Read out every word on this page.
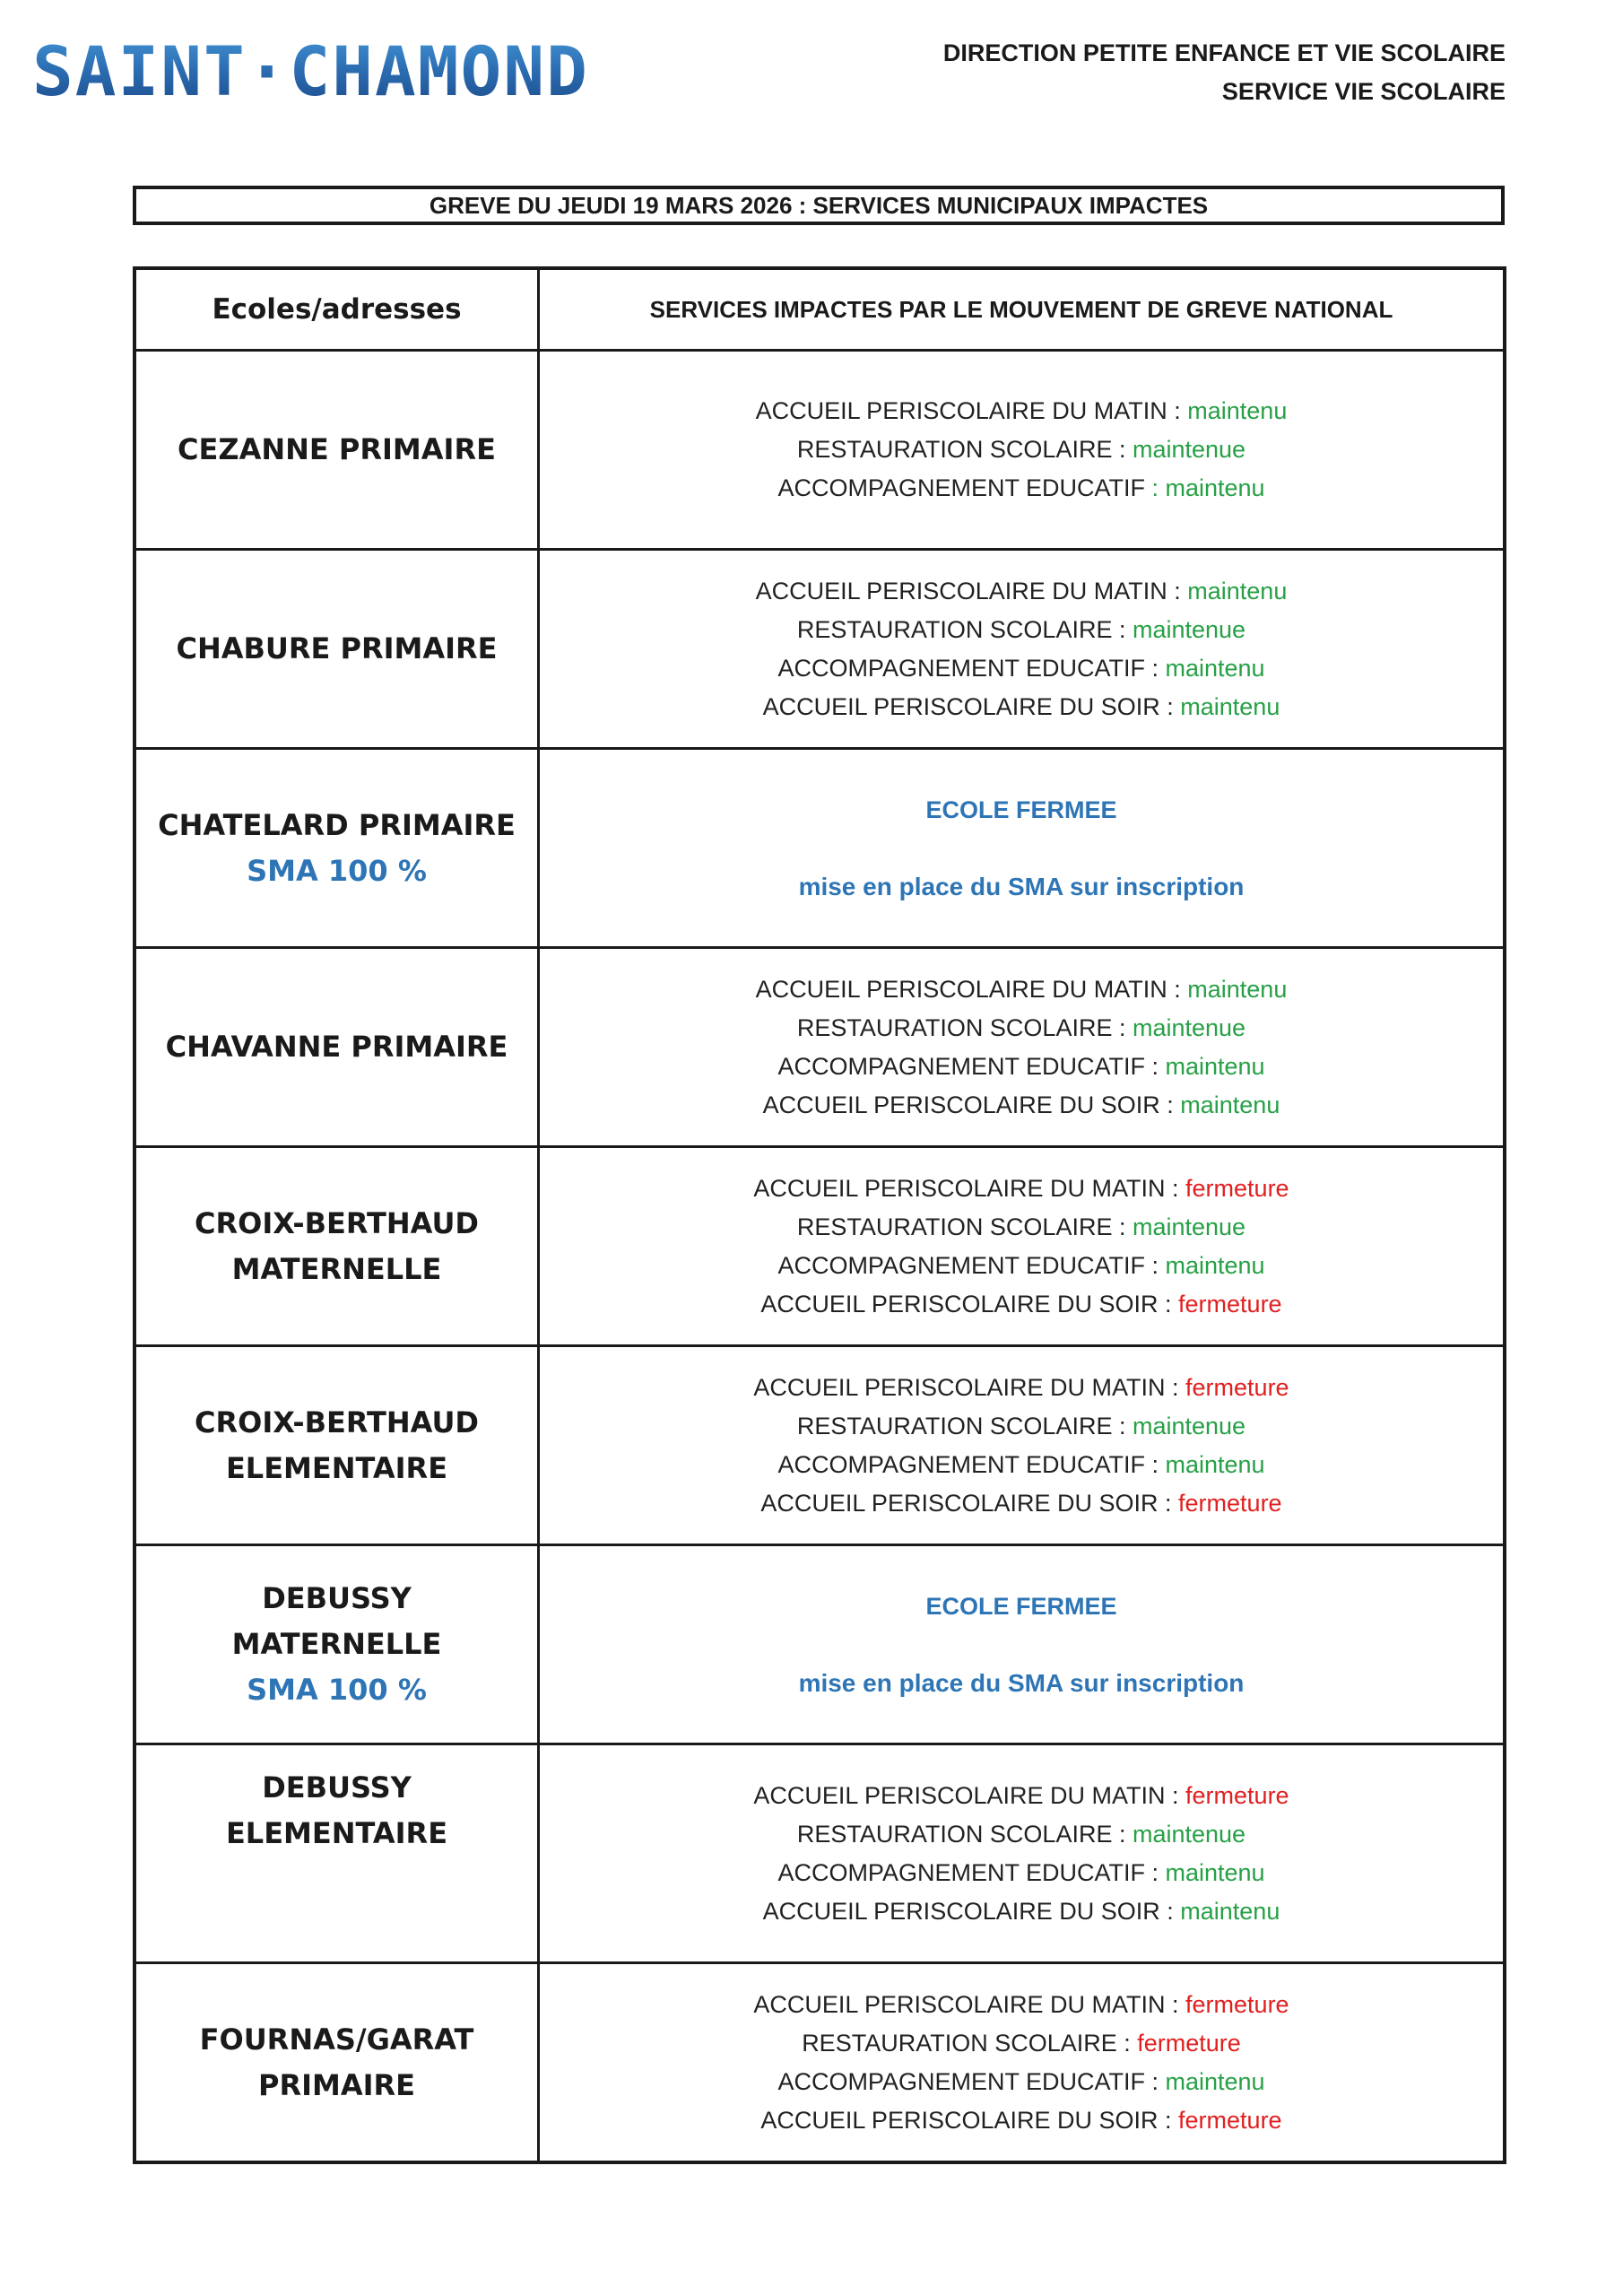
SAINT·CHAMOND	DIRECTION PETITE ENFANCE ET VIE SCOLAIRE
SERVICE VIE SCOLAIRE
GREVE DU JEUDI 19 MARS 2026 : SERVICES MUNICIPAUX IMPACTES
Ecoles/adresses	SERVICES IMPACTES PAR LE MOUVEMENT DE GREVE NATIONAL

CEZANNE PRIMAIRE	ACCUEIL PERISCOLAIRE DU MATIN : maintenu
RESTAURATION SCOLAIRE : maintenue
ACCOMPAGNEMENT EDUCATIF : maintenu

CHABURE PRIMAIRE	ACCUEIL PERISCOLAIRE DU MATIN : maintenu
RESTAURATION SCOLAIRE : maintenue
ACCOMPAGNEMENT EDUCATIF : maintenu
ACCUEIL PERISCOLAIRE DU SOIR : maintenu

CHATELARD PRIMAIRE
SMA 100 %	ECOLE FERMEE
mise en place du SMA sur inscription

CHAVANNE PRIMAIRE	ACCUEIL PERISCOLAIRE DU MATIN : maintenu
RESTAURATION SCOLAIRE : maintenue
ACCOMPAGNEMENT EDUCATIF : maintenu
ACCUEIL PERISCOLAIRE DU SOIR : maintenu

CROIX-BERTHAUD
MATERNELLE	ACCUEIL PERISCOLAIRE DU MATIN : fermeture
RESTAURATION SCOLAIRE : maintenue
ACCOMPAGNEMENT EDUCATIF : maintenu
ACCUEIL PERISCOLAIRE DU SOIR : fermeture

CROIX-BERTHAUD
ELEMENTAIRE	ACCUEIL PERISCOLAIRE DU MATIN : fermeture
RESTAURATION SCOLAIRE : maintenue
ACCOMPAGNEMENT EDUCATIF : maintenu
ACCUEIL PERISCOLAIRE DU SOIR : fermeture

DEBUSSY
MATERNELLE
SMA 100 %	ECOLE FERMEE
mise en place du SMA sur inscription

DEBUSSY
ELEMENTAIRE	ACCUEIL PERISCOLAIRE DU MATIN : fermeture
RESTAURATION SCOLAIRE : maintenue
ACCOMPAGNEMENT EDUCATIF : maintenu
ACCUEIL PERISCOLAIRE DU SOIR : maintenu

FOURNAS/GARAT
PRIMAIRE	ACCUEIL PERISCOLAIRE DU MATIN : fermeture
RESTAURATION SCOLAIRE : fermeture
ACCOMPAGNEMENT EDUCATIF : maintenu
ACCUEIL PERISCOLAIRE DU SOIR : fermeture
